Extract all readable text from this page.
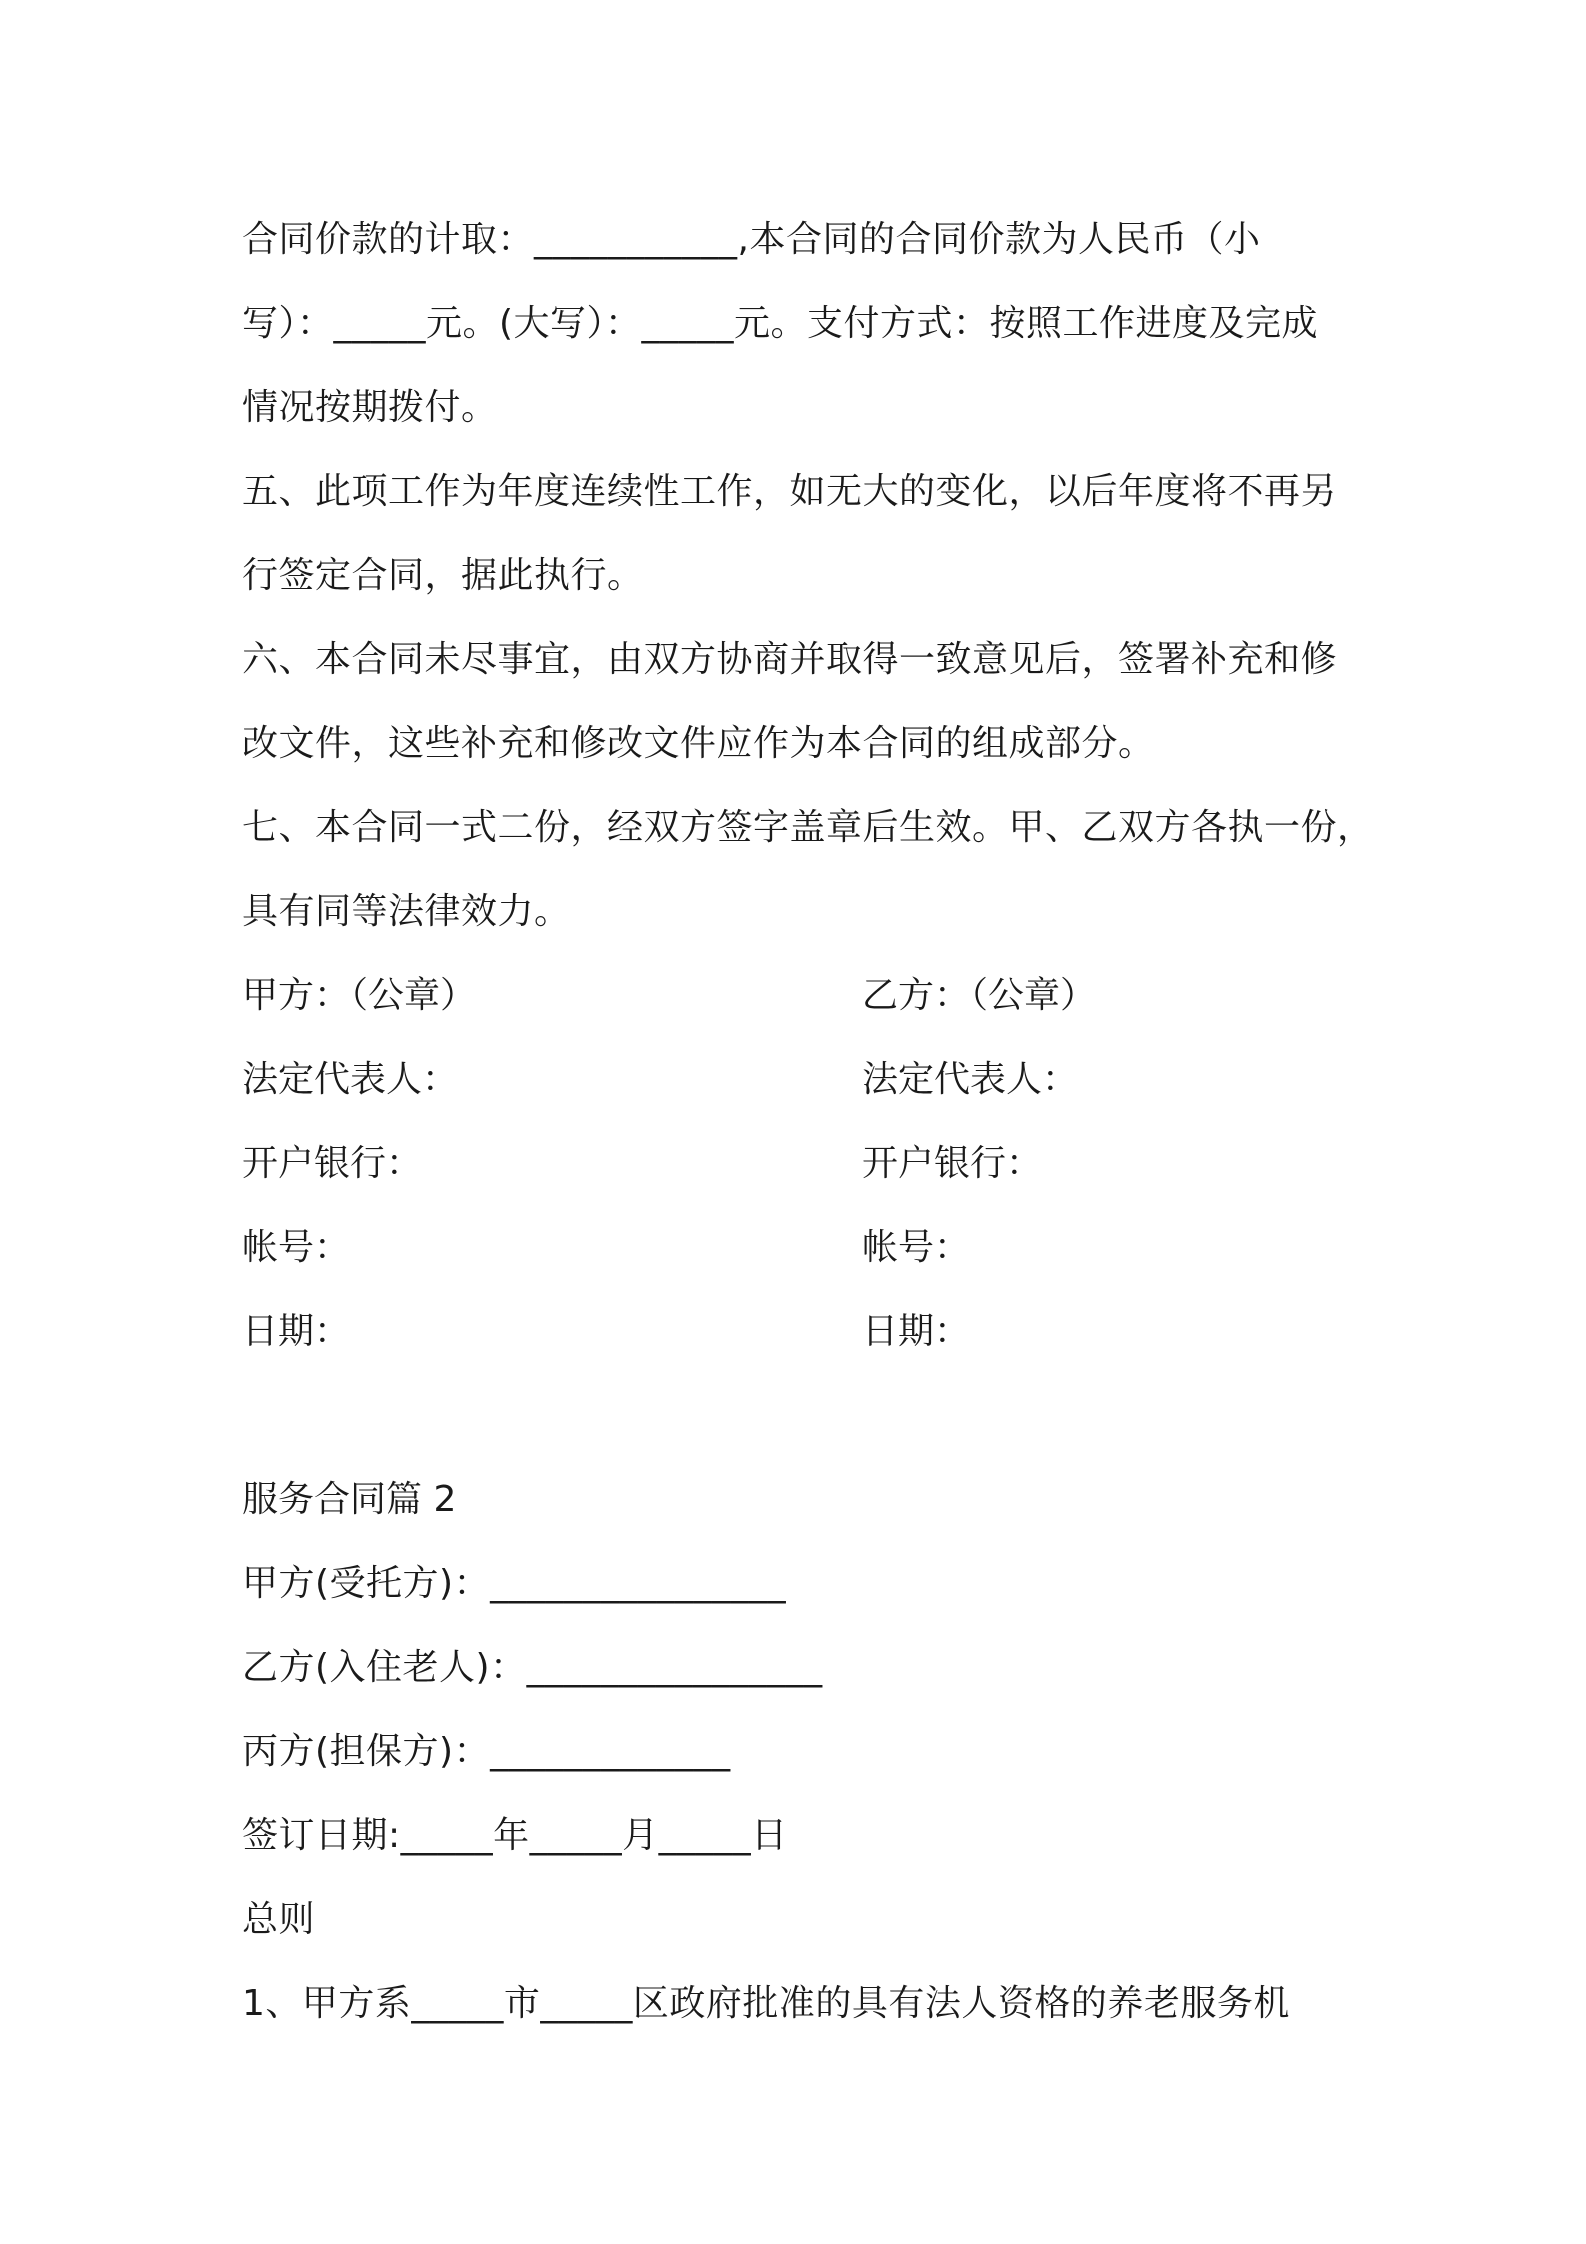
合同价款的计取：___________,本合同的合同价款为人民币（小
写）：_____元。(大写）：_____元。支付方式：按照工作进度及完成
情况按期拨付。
五、此项工作为年度连续性工作，如无大的变化，以后年度将不再另
行签定合同，据此执行。
六、本合同未尽事宜，由双方协商并取得一致意见后，签署补充和修
改文件，这些补充和修改文件应作为本合同的组成部分。
七、本合同一式二份，经双方签字盖章后生效。甲、乙双方各执一份，
具有同等法律效力。
甲方：（公章）	乙方：（公章）
法定代表人：	法定代表人：
开户银行：	开户银行：
帐号：	帐号：
日期：	日期：
服务合同篇 2
甲方(受托方)：________________
乙方(入住老人)：________________
丙方(担保方)：_____________
签订日期:_____年_____月_____日
总则
1、甲方系_____市_____区政府批准的具有法人资格的养老服务机
